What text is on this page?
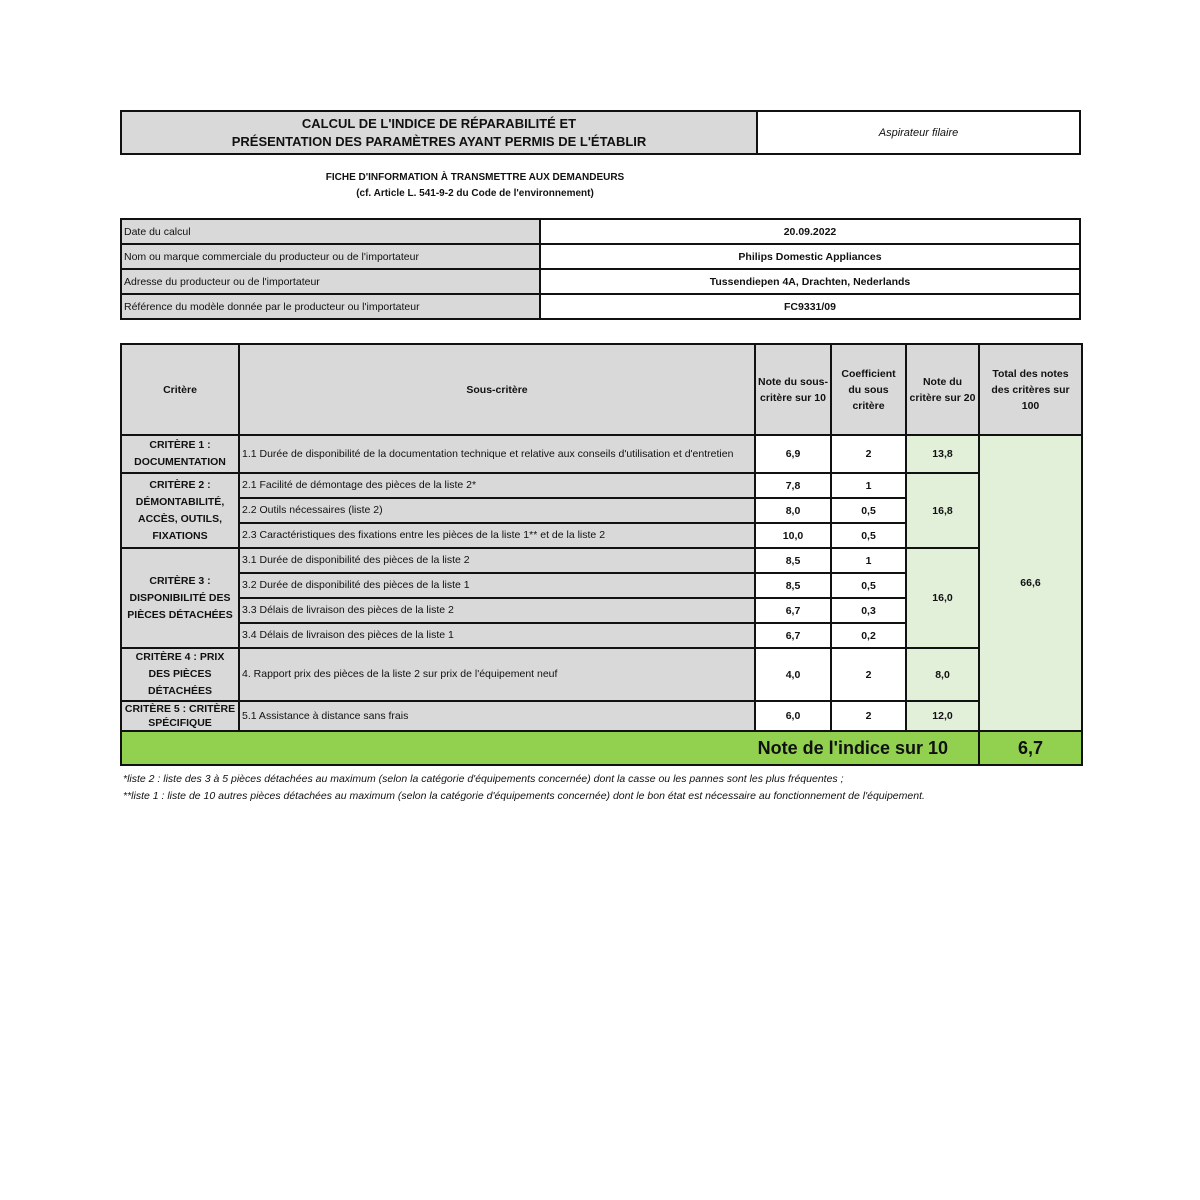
CALCUL DE L'INDICE DE RÉPARABILITÉ ET
PRÉSENTATION DES PARAMÈTRES AYANT PERMIS DE L'ÉTABLIR
Aspirateur filaire
FICHE D'INFORMATION À TRANSMETTRE AUX DEMANDEURS
(cf. Article L. 541-9-2 du Code de l'environnement)
Date du calcul	20.09.2022
Nom ou marque commerciale du producteur ou de l'importateur	Philips Domestic Appliances
Adresse du producteur ou de l'importateur	Tussendiepen 4A, Drachten, Nederlands
Référence du modèle donnée par le producteur ou l'importateur	FC9331/09
Critère	Sous-critère	Note du sous-critère sur 10	Coefficient du sous critère	Note du critère sur 20	Total des notes des critères sur 100
CRITÈRE 1 : DOCUMENTATION	1.1 Durée de disponibilité de la documentation technique et relative aux conseils d'utilisation et d'entretien	6,9	2	13,8	66,6
CRITÈRE 2 : DÉMONTABILITÉ, ACCÈS, OUTILS, FIXATIONS	2.1 Facilité de démontage des pièces de la liste 2*	7,8	1	16,8	
	2.2 Outils nécessaires (liste 2)	8,0	0,5		
	2.3 Caractéristiques des fixations entre les pièces de la liste 1** et de la liste 2	10,0	0,5		
CRITÈRE 3 : DISPONIBILITÉ DES PIÈCES DÉTACHÉES	3.1 Durée de disponibilité des pièces de la liste 2	8,5	1	16,0	
	3.2 Durée de disponibilité des pièces de la liste 1	8,5	0,5		
	3.3 Délais de livraison des pièces de la liste 2	6,7	0,3		
	3.4 Délais de livraison des pièces de la liste 1	6,7	0,2		
CRITÈRE 4 : PRIX DES PIÈCES DÉTACHÉES	4. Rapport prix des pièces de la liste 2 sur prix de l'équipement neuf	4,0	2	8,0	
CRITÈRE 5 : CRITÈRE SPÉCIFIQUE	5.1 Assistance à distance sans frais	6,0	2	12,0	
Note de l'indice sur 10					6,7
*liste 2 : liste des 3 à 5 pièces détachées au maximum (selon la catégorie d'équipements concernée) dont la casse ou les pannes sont les plus fréquentes ;
**liste 1 : liste de 10 autres pièces détachées au maximum (selon la catégorie d'équipements concernée) dont le bon état est nécessaire au fonctionnement de l'équipement.
